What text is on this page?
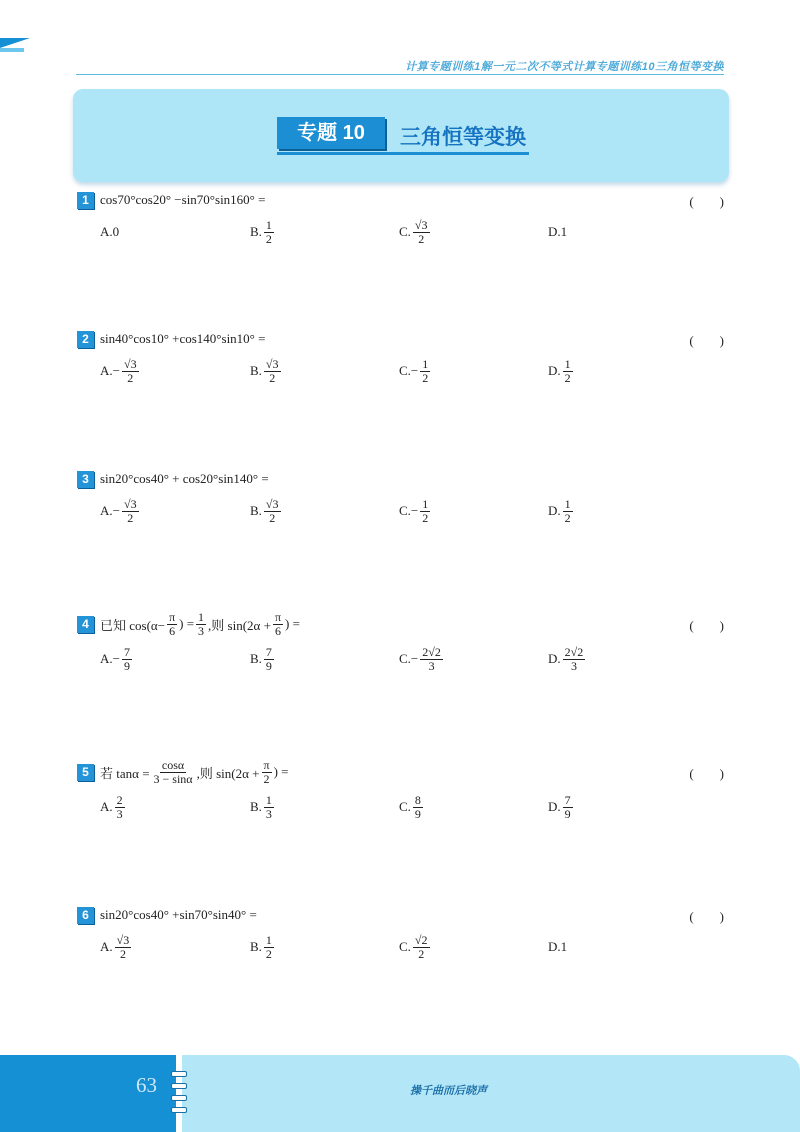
计算专题训练1解一元二次不等式计算专题训练10三角恒等变换
专题 10	三角恒等变换
1 cos70°cos20° −sin70°sin160° =	(　　)
A. 0	B. $\frac{1}{2}$	C. $\frac{√3}{2}$	D. 1
2 sin40°cos10° +cos140°sin10° =	(　　)
A. − $\frac{√3}{2}$	B. $\frac{√3}{2}$	C. − $\frac{1}{2}$	D. $\frac{1}{2}$
3 sin20°cos40° + cos20°sin140° =
A. − $\frac{√3}{2}$	B. $\frac{√3}{2}$	C. − $\frac{1}{2}$	D. $\frac{1}{2}$
4 已知 $\cos(\alpha- \frac{\pi}{6}$ ) = $\frac{1}{3}$ ,则 $\sin(2\alpha + \frac{\pi}{6}$ ) =	(　　)
A. − $\frac{7}{9}$	B. $\frac{7}{9}$	C. − $\frac{2√2}{3}$	D. $\frac{2√2}{3}$
5 若 $\tan\alpha = \frac{\cos\alpha}{3 - \sin\alpha}$ ,则 $\sin(2\alpha + \frac{\pi}{2}$ ) =	(　　)
A. $\frac{2}{3}$	B. $\frac{1}{3}$	C. $\frac{8}{9}$	D. $\frac{7}{9}$
6 sin20°cos40° +sin70°sin40° =	(　　)
A. $\frac{√3}{2}$	B. $\frac{1}{2}$	C. $\frac{√2}{2}$	D. 1
63	操千曲而后晓声
